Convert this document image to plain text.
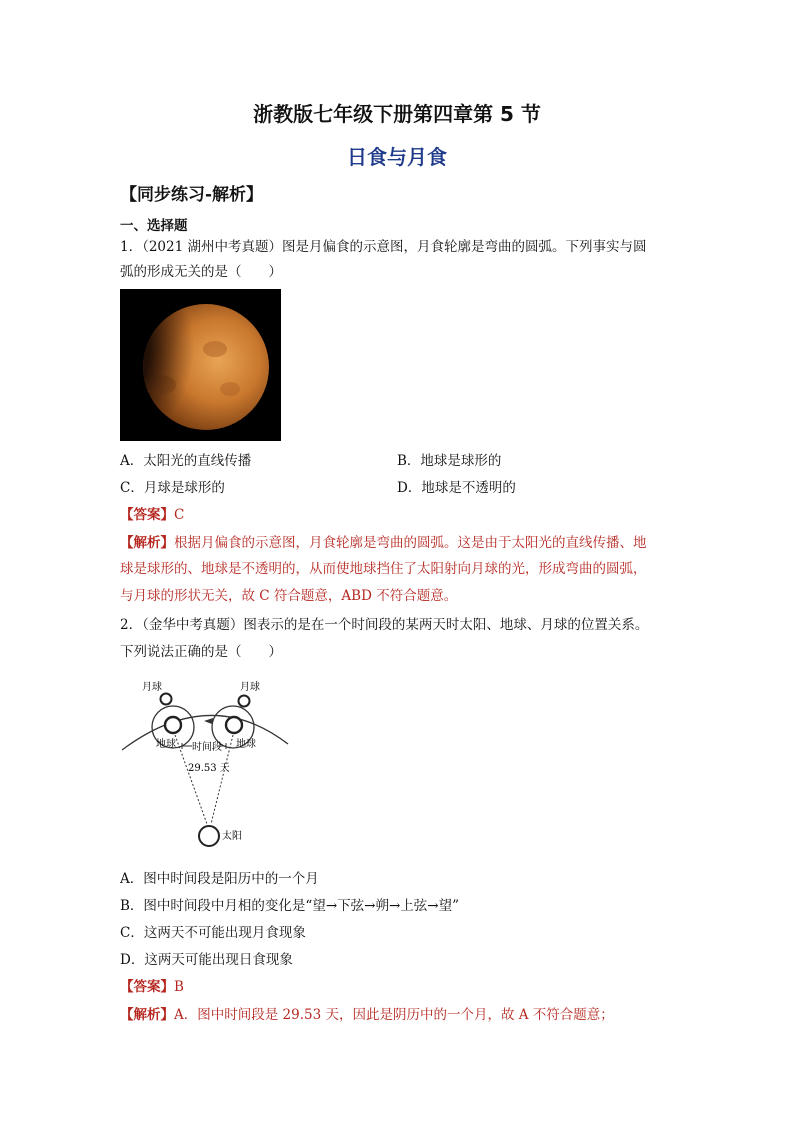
浙教版七年级下册第四章第 5 节
日食与月食
【同步练习-解析】
一、选择题
1．（2021 湖州中考真题）图是月偏食的示意图，月食轮廓是弯曲的圆弧。下列事实与圆
弧的形成无关的是（　　）
A．太阳光的直线传播	B．地球是球形的
C．月球是球形的	D．地球是不透明的
【答案】C
【解析】根据月偏食的示意图，月食轮廓是弯曲的圆弧。这是由于太阳光的直线传播、地
球是球形的、地球是不透明的，从而使地球挡住了太阳射向月球的光，形成弯曲的圆弧，
与月球的形状无关，故 C 符合题意，ABD 不符合题意。
2．（金华中考真题）图表示的是在一个时间段的某两天时太阳、地球、月球的位置关系。
下列说法正确的是（　　）
月球	月球
地球	地球
时间段
29.53 天
太阳
A．图中时间段是阳历中的一个月
B．图中时间段中月相的变化是“望→下弦→朔→上弦→望”
C．这两天不可能出现月食现象
D．这两天可能出现日食现象
【答案】B
【解析】A．图中时间段是 29.53 天，因此是阴历中的一个月，故 A 不符合题意；
